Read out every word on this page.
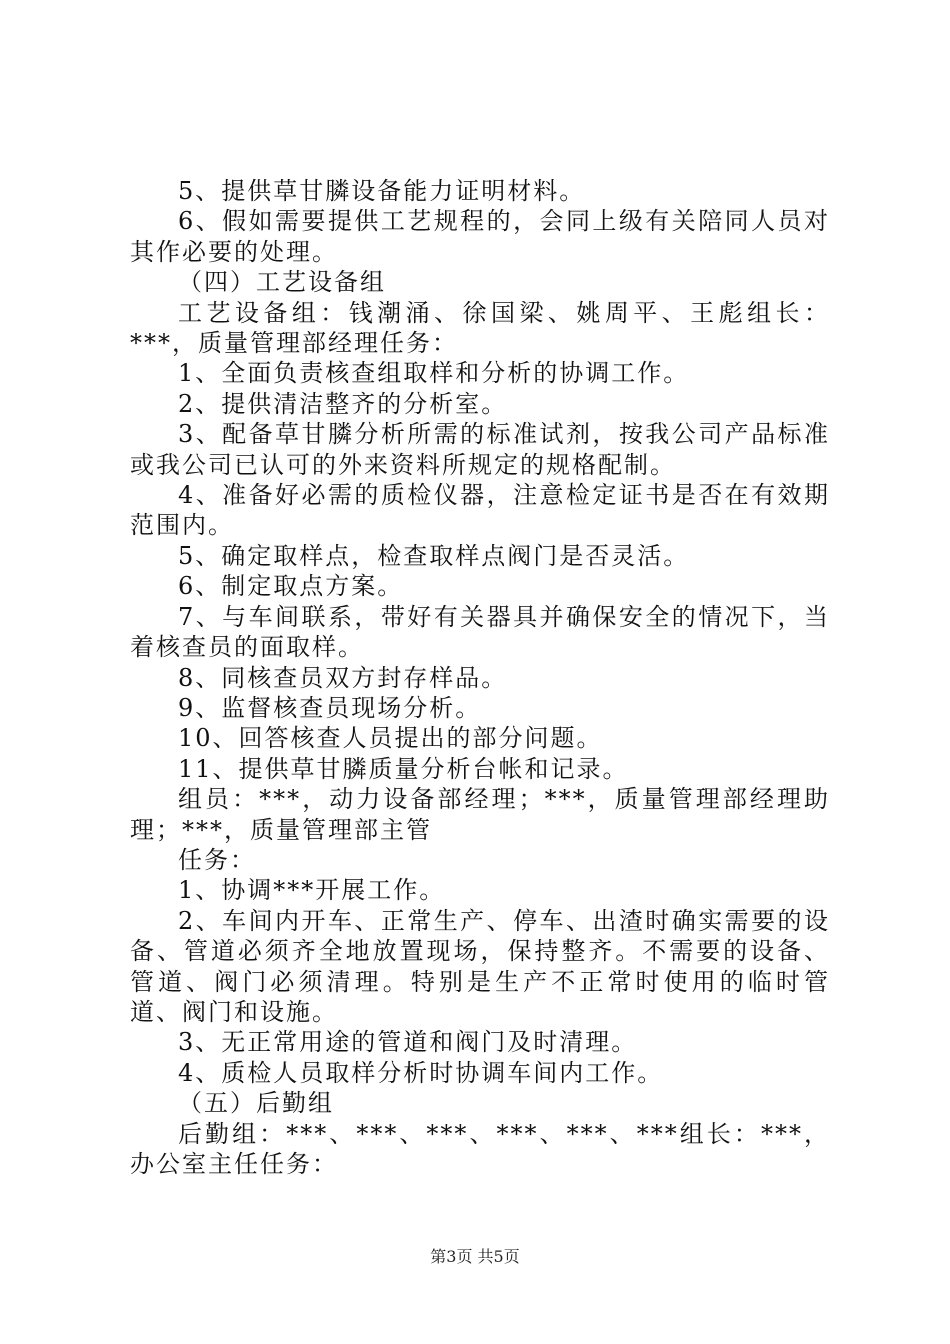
5、提供草甘膦设备能力证明材料。

6、假如需要提供工艺规程的，会同上级有关陪同人员对其作必要的处理。

（四）工艺设备组

工艺设备组：钱潮涌、徐国梁、姚周平、王彪组长：***，质量管理部经理任务：

1、全面负责核查组取样和分析的协调工作。

2、提供清洁整齐的分析室。

3、配备草甘膦分析所需的标准试剂，按我公司产品标准或我公司已认可的外来资料所规定的规格配制。

4、准备好必需的质检仪器，注意检定证书是否在有效期范围内。

5、确定取样点，检查取样点阀门是否灵活。

6、制定取点方案。

7、与车间联系，带好有关器具并确保安全的情况下，当着核查员的面取样。

8、同核查员双方封存样品。

9、监督核查员现场分析。

10、回答核查人员提出的部分问题。

11、提供草甘膦质量分析台帐和记录。

组员：***，动力设备部经理；***，质量管理部经理助理；***，质量管理部主管

任务：

1、协调***开展工作。

2、车间内开车、正常生产、停车、出渣时确实需要的设备、管道必须齐全地放置现场，保持整齐。不需要的设备、管道、阀门必须清理。特别是生产不正常时使用的临时管道、阀门和设施。

3、无正常用途的管道和阀门及时清理。

4、质检人员取样分析时协调车间内工作。

（五）后勤组

后勤组：***、***、***、***、***、***组长：***，办公室主任任务：

第3页 共5页
